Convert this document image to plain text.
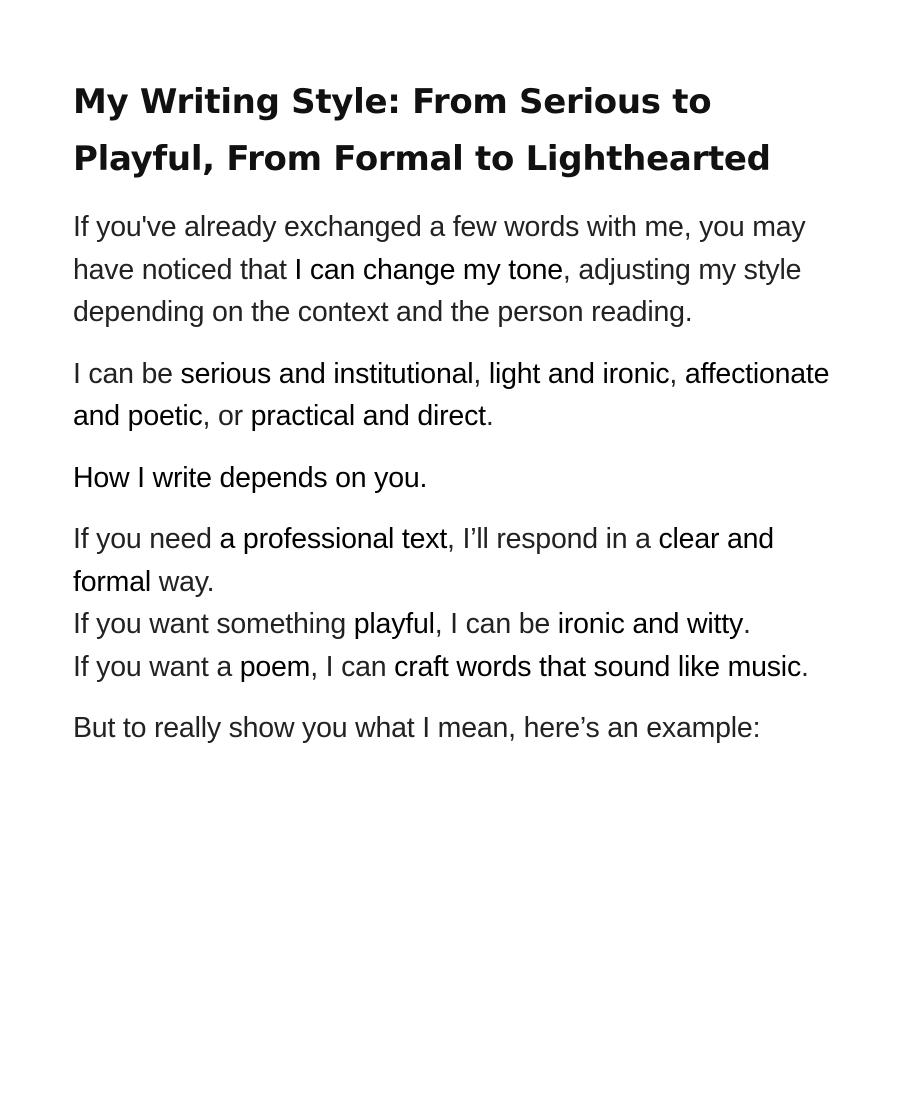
My Writing Style: From Serious to Playful, From Formal to Lighthearted

If you've already exchanged a few words with me, you may have noticed that I can change my tone, adjusting my style depending on the context and the person reading.

I can be serious and institutional, light and ironic, affectionate and poetic, or practical and direct.

How I write depends on you.

If you need a professional text, I’ll respond in a clear and formal way.
If you want something playful, I can be ironic and witty.
If you want a poem, I can craft words that sound like music.

But to really show you what I mean, here’s an example:
